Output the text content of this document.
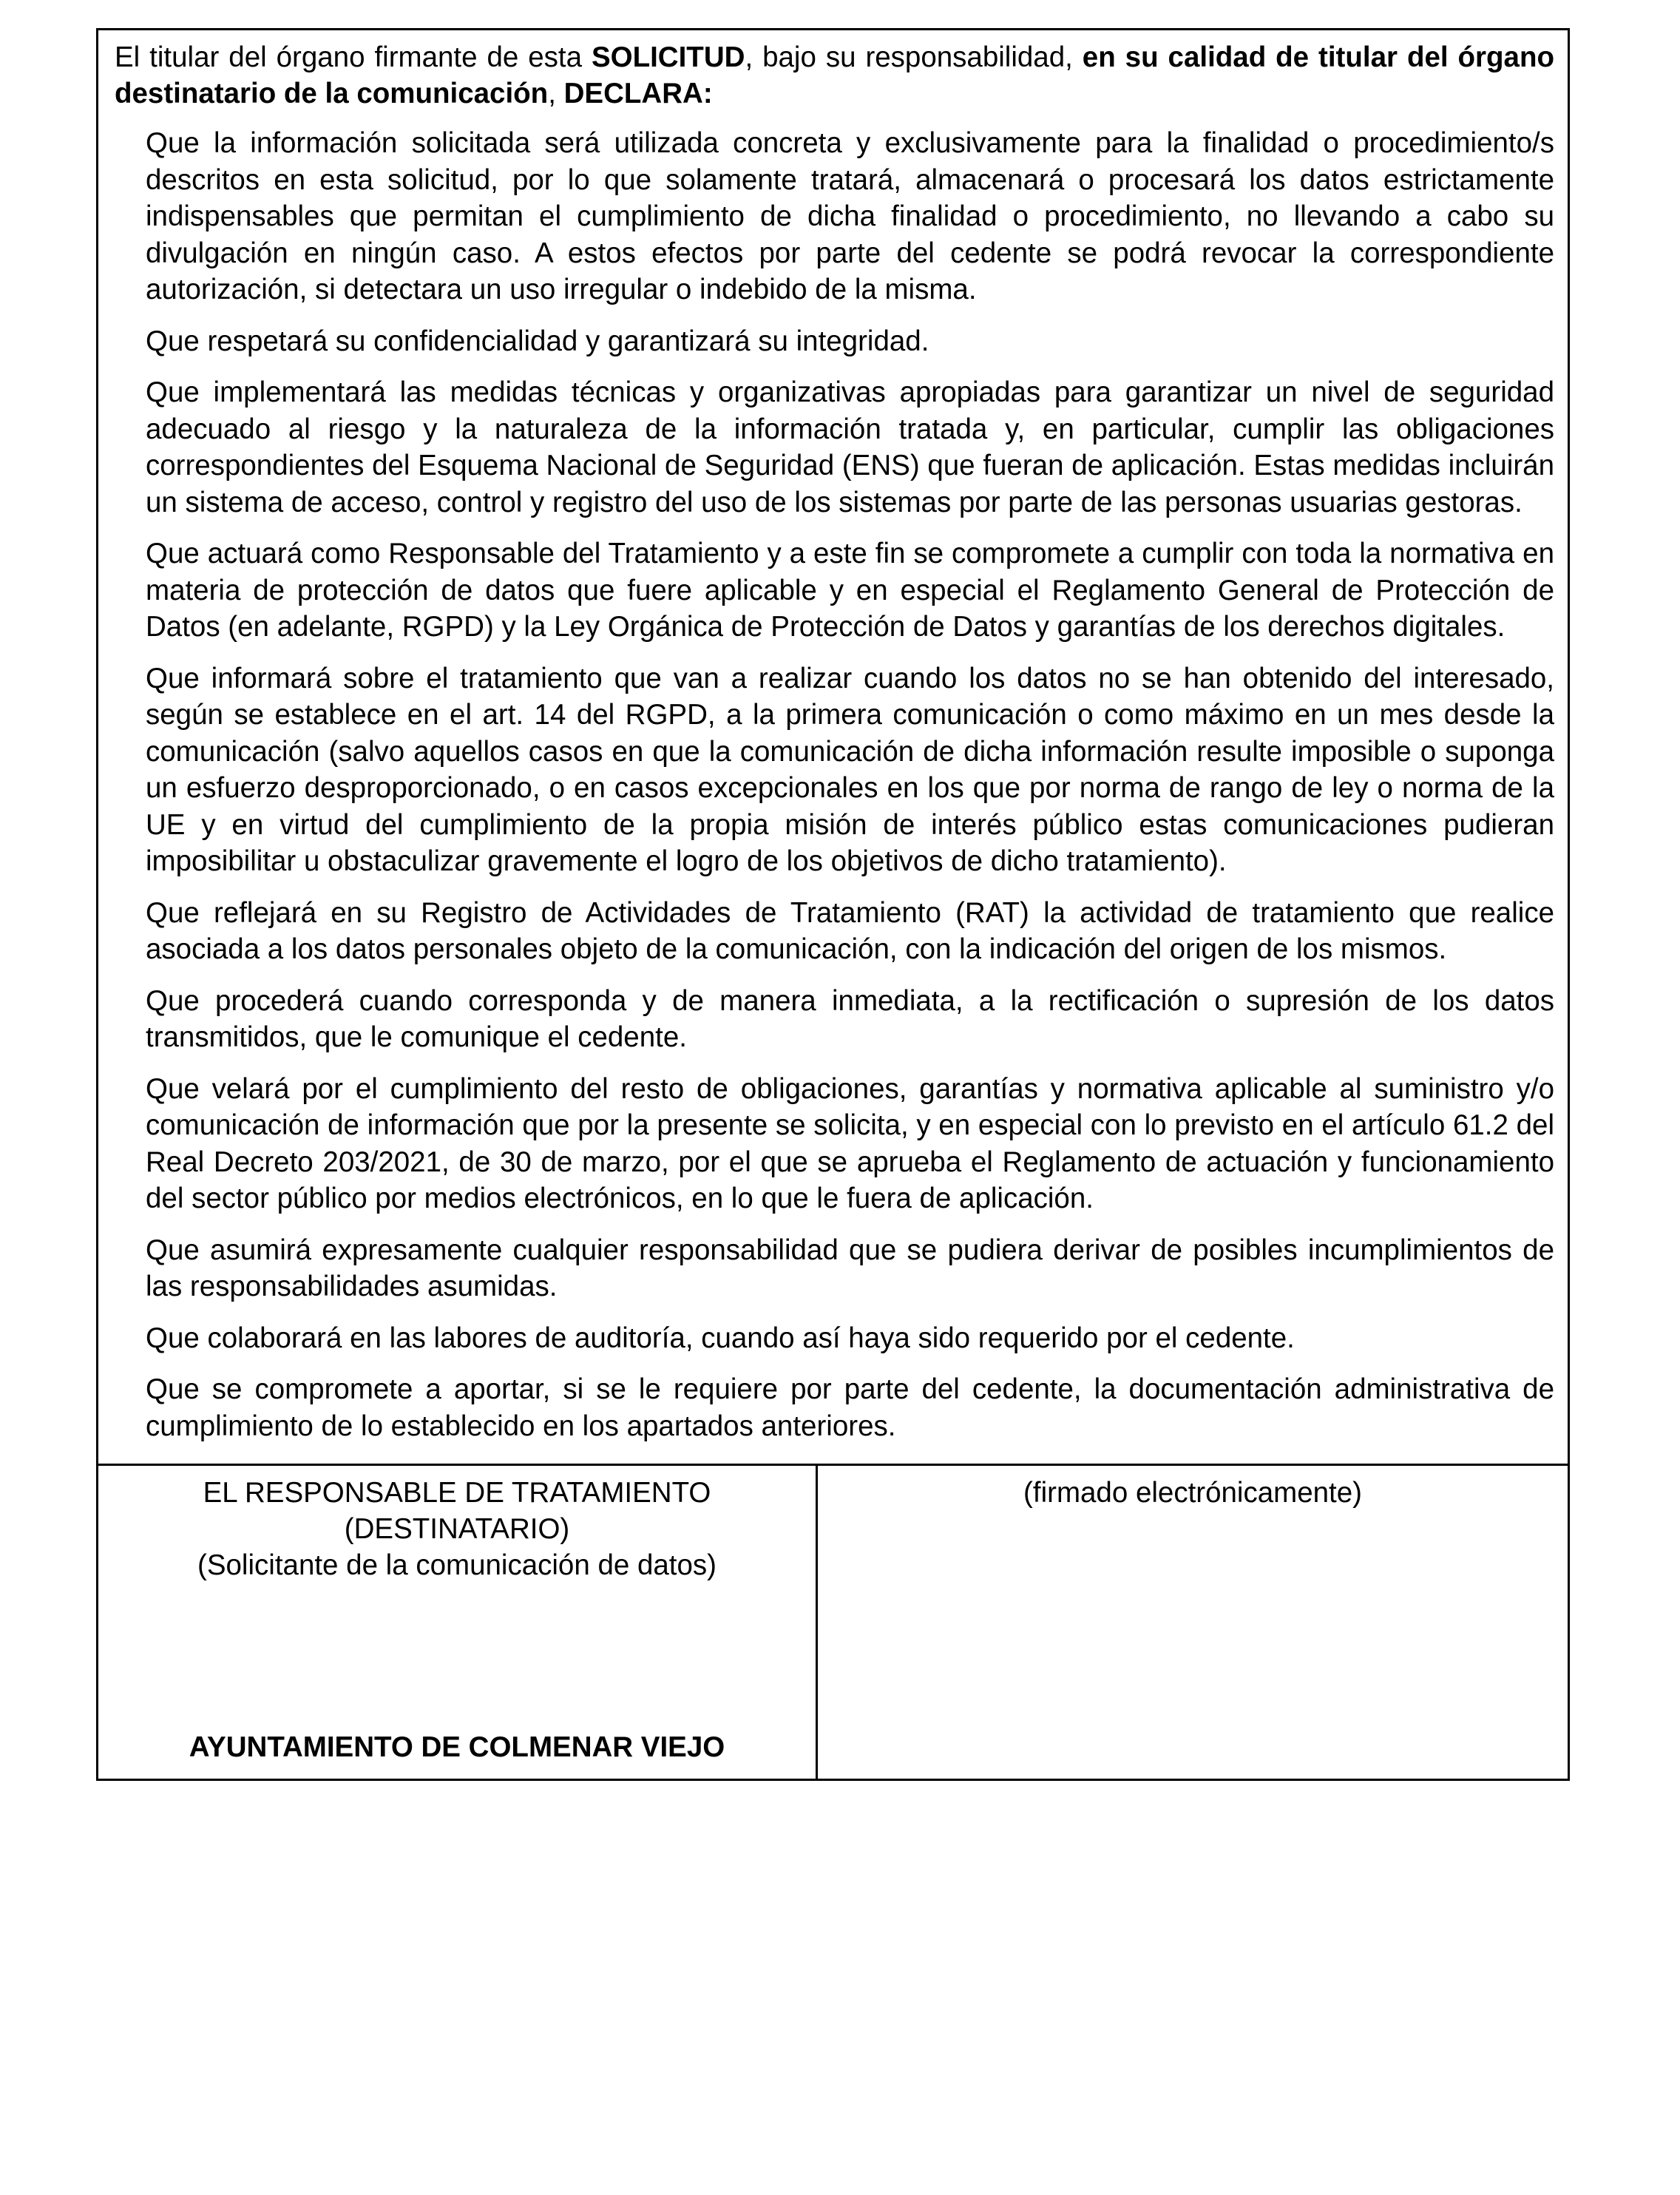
El titular del órgano firmante de esta SOLICITUD, bajo su responsabilidad, en su calidad de titular del órgano destinatario de la comunicación, DECLARA:

Que la información solicitada será utilizada concreta y exclusivamente para la finalidad o procedimiento/s descritos en esta solicitud, por lo que solamente tratará, almacenará o procesará los datos estrictamente indispensables que permitan el cumplimiento de dicha finalidad o procedimiento, no llevando a cabo su divulgación en ningún caso. A estos efectos por parte del cedente se podrá revocar la correspondiente autorización, si detectara un uso irregular o indebido de la misma.

Que respetará su confidencialidad y garantizará su integridad.

Que implementará las medidas técnicas y organizativas apropiadas para garantizar un nivel de seguridad adecuado al riesgo y la naturaleza de la información tratada y, en particular, cumplir las obligaciones correspondientes del Esquema Nacional de Seguridad (ENS) que fueran de aplicación. Estas medidas incluirán un sistema de acceso, control y registro del uso de los sistemas por parte de las personas usuarias gestoras.

Que actuará como Responsable del Tratamiento y a este fin se compromete a cumplir con toda la normativa en materia de protección de datos que fuere aplicable y en especial el Reglamento General de Protección de Datos (en adelante, RGPD) y la Ley Orgánica de Protección de Datos y garantías de los derechos digitales.

Que informará sobre el tratamiento que van a realizar cuando los datos no se han obtenido del interesado, según se establece en el art. 14 del RGPD, a la primera comunicación o como máximo en un mes desde la comunicación (salvo aquellos casos en que la comunicación de dicha información resulte imposible o suponga un esfuerzo desproporcionado, o en casos excepcionales en los que por norma de rango de ley o norma de la UE y en virtud del cumplimiento de la propia misión de interés público estas comunicaciones pudieran imposibilitar u obstaculizar gravemente el logro de los objetivos de dicho tratamiento).

Que reflejará en su Registro de Actividades de Tratamiento (RAT) la actividad de tratamiento que realice asociada a los datos personales objeto de la comunicación, con la indicación del origen de los mismos.

Que procederá cuando corresponda y de manera inmediata, a la rectificación o supresión de los datos transmitidos, que le comunique el cedente.

Que velará por el cumplimiento del resto de obligaciones, garantías y normativa aplicable al suministro y/o comunicación de información que por la presente se solicita, y en especial con lo previsto en el artículo 61.2 del Real Decreto 203/2021, de 30 de marzo, por el que se aprueba el Reglamento de actuación y funcionamiento del sector público por medios electrónicos, en lo que le fuera de aplicación.

Que asumirá expresamente cualquier responsabilidad que se pudiera derivar de posibles incumplimientos de las responsabilidades asumidas.

Que colaborará en las labores de auditoría, cuando así haya sido requerido por el cedente.

Que se compromete a aportar, si se le requiere por parte del cedente, la documentación administrativa de cumplimiento de lo establecido en los apartados anteriores.

EL RESPONSABLE DE TRATAMIENTO
(DESTINATARIO)
(Solicitante de la comunicación de datos)
AYUNTAMIENTO DE COLMENAR VIEJO
(firmado electrónicamente)
